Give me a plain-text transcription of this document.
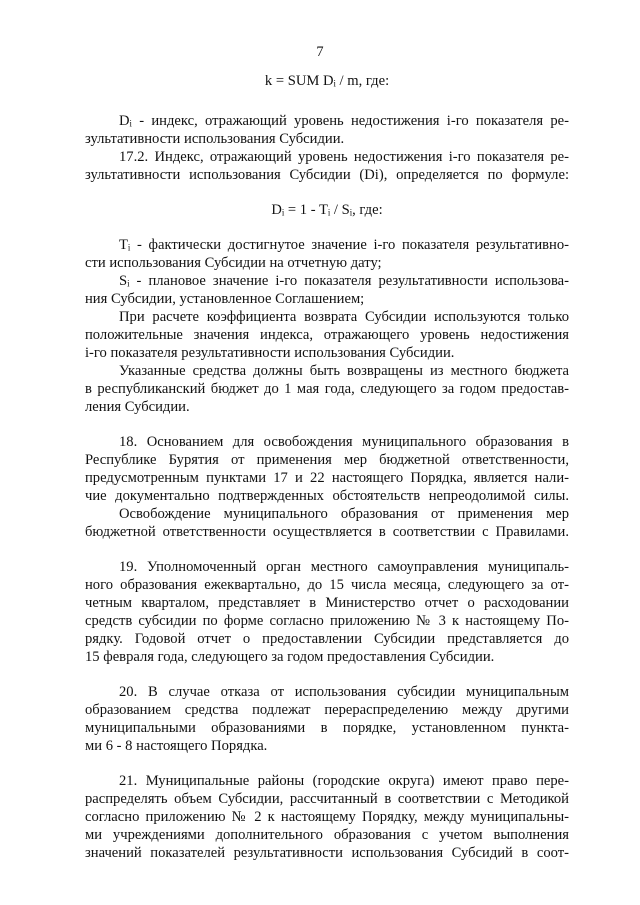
7
k = SUM Dᵢ / m, где:
Dᵢ - индекс, отражающий уровень недостижения i-го показателя ре-
зультативности использования Субсидии.
17.2. Индекс, отражающий уровень недостижения i-го показателя ре-
зультативности использования Субсидии (Di), определяется по формуле:
Dᵢ = 1 - Tᵢ / Sᵢ, где:
Tᵢ - фактически достигнутое значение i-го показателя результативно-
сти использования Субсидии на отчетную дату;
Sᵢ - плановое значение i-го показателя результативности использова-
ния Субсидии, установленное Соглашением;
При расчете коэффициента возврата Субсидии используются только
положительные значения индекса, отражающего уровень недостижения
i-го показателя результативности использования Субсидии.
Указанные средства должны быть возвращены из местного бюджета
в республиканский бюджет до 1 мая года, следующего за годом предостав-
ления Субсидии.
18. Основанием для освобождения муниципального образования в
Республике Бурятия от применения мер бюджетной ответственности,
предусмотренным пунктами 17 и 22 настоящего Порядка, является нали-
чие документально подтвержденных обстоятельств непреодолимой силы.
Освобождение муниципального образования от применения мер
бюджетной ответственности осуществляется в соответствии с Правилами.
19. Уполномоченный орган местного самоуправления муниципаль-
ного образования ежеквартально, до 15 числа месяца, следующего за от-
четным кварталом, представляет в Министерство отчет о расходовании
средств субсидии по форме согласно приложению № 3 к настоящему По-
рядку. Годовой отчет о предоставлении Субсидии представляется до
15 февраля года, следующего за годом предоставления Субсидии.
20. В случае отказа от использования субсидии муниципальным
образованием средства подлежат перераспределению между другими
муниципальными образованиями в порядке, установленном пункта-
ми 6 - 8 настоящего Порядка.
21. Муниципальные районы (городские округа) имеют право пере-
распределять объем Субсидии, рассчитанный в соответствии с Методикой
согласно приложению № 2 к настоящему Порядку, между муниципальны-
ми учреждениями дополнительного образования с учетом выполнения
значений показателей результативности использования Субсидий в соот-
